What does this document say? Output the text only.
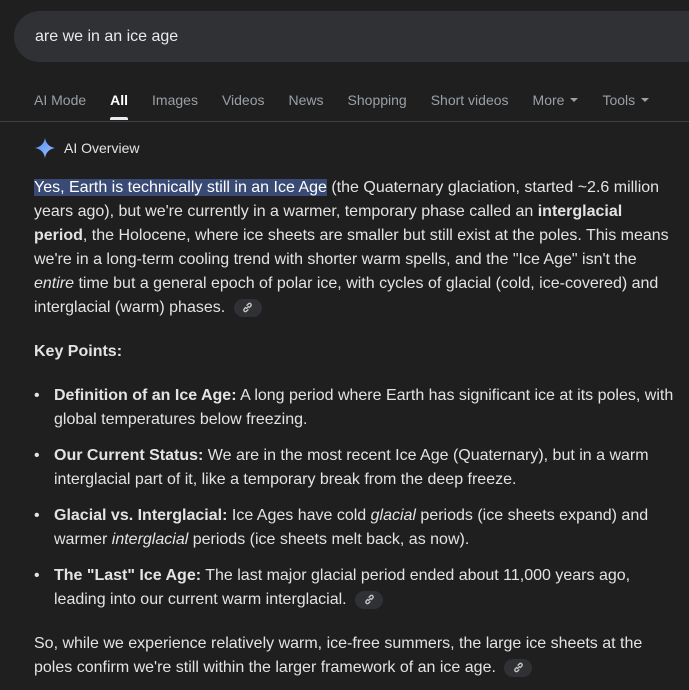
are we in an ice age
AI Mode All Images Videos News Shopping Short videos More	Tools
AI Overview

Yes, Earth is technically still in an Ice Age (the Quaternary glaciation, started ~2.6 million years ago), but we're currently in a warmer, temporary phase called an interglacial period, the Holocene, where ice sheets are smaller but still exist at the poles. This means we're in a long-term cooling trend with shorter warm spells, and the "Ice Age" isn't the entire time but a general epoch of polar ice, with cycles of glacial (cold, ice-covered) and interglacial (warm) phases.

Key Points:

• Definition of an Ice Age: A long period where Earth has significant ice at its poles, with global temperatures below freezing.
• Our Current Status: We are in the most recent Ice Age (Quaternary), but in a warm interglacial part of it, like a temporary break from the deep freeze.
• Glacial vs. Interglacial: Ice Ages have cold glacial periods (ice sheets expand) and warmer interglacial periods (ice sheets melt back, as now).
• The "Last" Ice Age: The last major glacial period ended about 11,000 years ago, leading into our current warm interglacial.

So, while we experience relatively warm, ice-free summers, the large ice sheets at the poles confirm we're still within the larger framework of an ice age.
